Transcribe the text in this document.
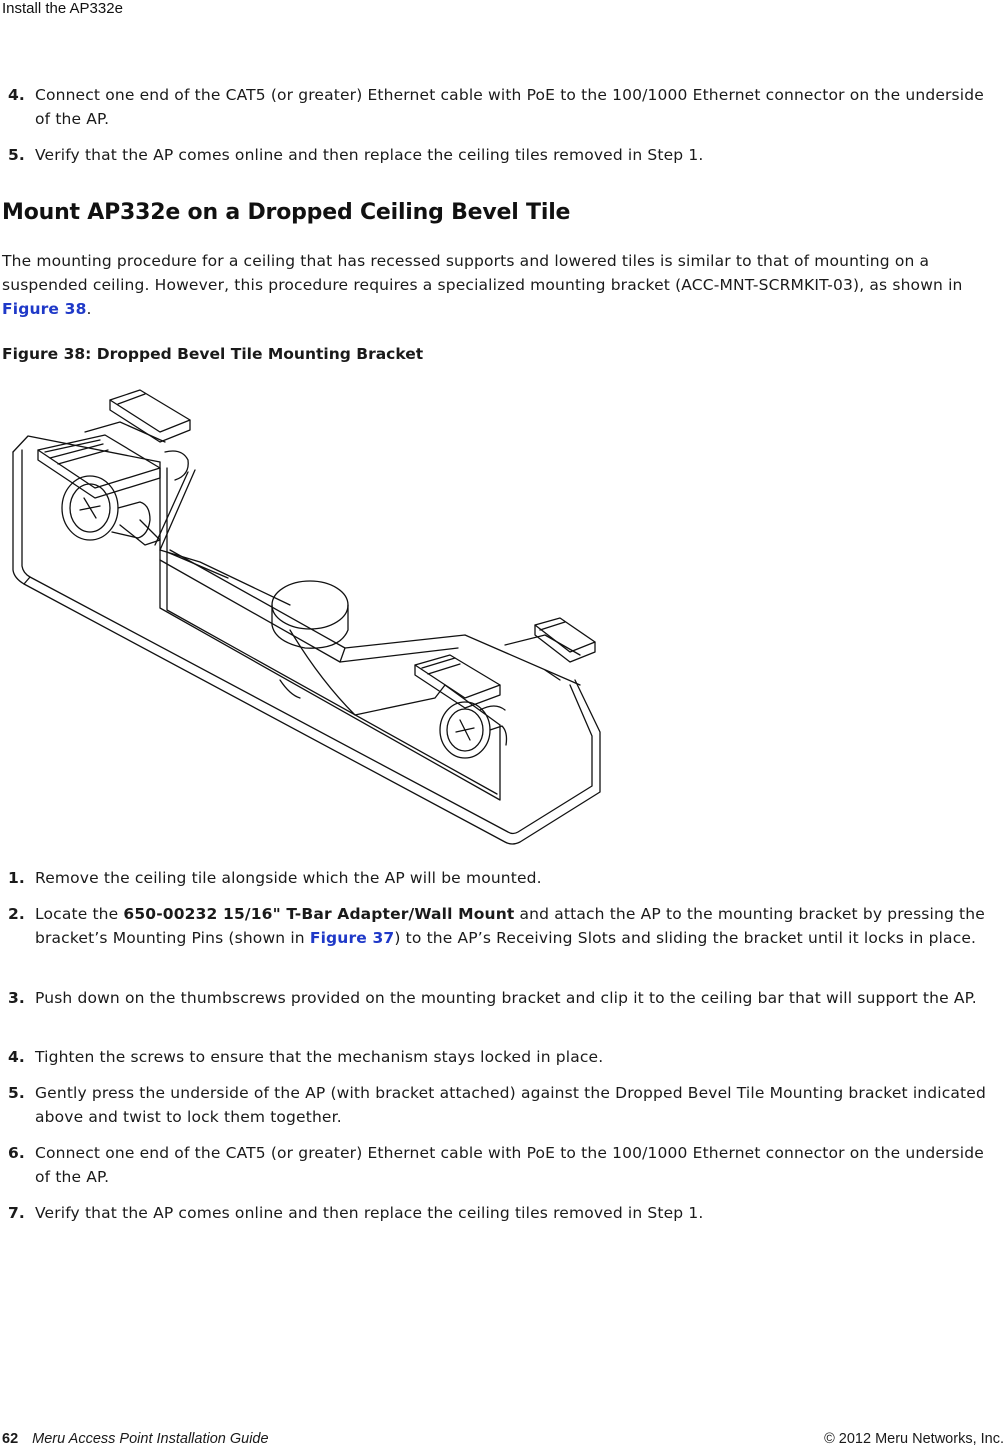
Install the AP332e
4. Connect one end of the CAT5 (or greater) Ethernet cable with PoE to the 100/1000 Ethernet connector on the underside of the AP.
5. Verify that the AP comes online and then replace the ceiling tiles removed in Step 1.
Mount AP332e on a Dropped Ceiling Bevel Tile
The mounting procedure for a ceiling that has recessed supports and lowered tiles is similar to that of mounting on a suspended ceiling. However, this procedure requires a specialized mounting bracket (ACC-MNT-SCRMKIT-03), as shown in Figure 38.
Figure 38: Dropped Bevel Tile Mounting Bracket
1. Remove the ceiling tile alongside which the AP will be mounted.
2. Locate the 650-00232 15/16" T-Bar Adapter/Wall Mount and attach the AP to the mounting bracket by pressing the bracket’s Mounting Pins (shown in Figure 37) to the AP’s Receiving Slots and sliding the bracket until it locks in place.
3. Push down on the thumbscrews provided on the mounting bracket and clip it to the ceiling bar that will support the AP.
4. Tighten the screws to ensure that the mechanism stays locked in place.
5. Gently press the underside of the AP (with bracket attached) against the Dropped Bevel Tile Mounting bracket indicated above and twist to lock them together.
6. Connect one end of the CAT5 (or greater) Ethernet cable with PoE to the 100/1000 Ethernet connector on the underside of the AP.
7. Verify that the AP comes online and then replace the ceiling tiles removed in Step 1.
62 Meru Access Point Installation Guide	© 2012 Meru Networks, Inc.
